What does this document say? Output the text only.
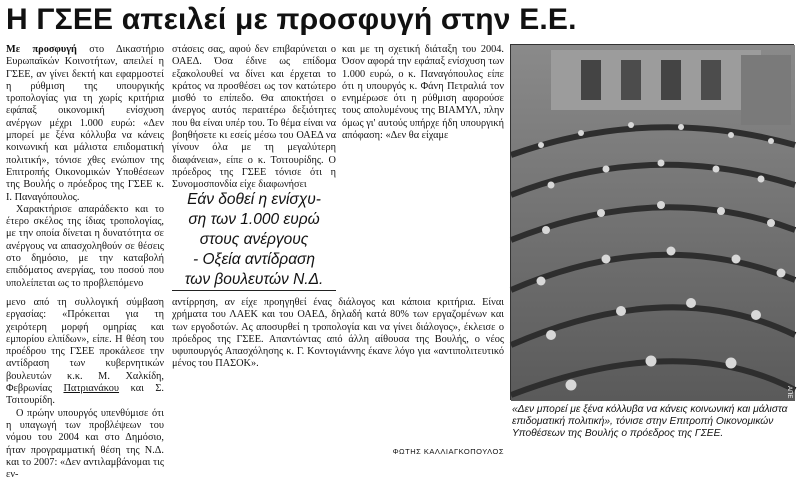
Η ΓΣΕΕ απειλεί με προσφυγή στην Ε.Ε.

Με προσφυγή στο Δικαστήριο Ευρωπαϊκών Κοινοτήτων, απειλεί η ΓΣΕΕ, αν γίνει δεκτή και εφαρμοστεί η ρύθμιση της υπουργικής τροπολογίας για τη χωρίς κριτήρια εφάπαξ οικονομική ενίσχυση ανέργων μέχρι 1.000 ευρώ: «Δεν μπορεί με ξένα κόλλυβα να κάνεις κοινωνική και μάλιστα επιδοματική πολιτική», τόνισε χθες ενώπιον της Επιτροπής Οικονομικών Υποθέσεων της Βουλής ο πρόεδρος της ΓΣΕΕ κ. Ι. Παναγόπουλος.

Χαρακτήρισε απαράδεκτο και το έτερο σκέλος της ίδιας τροπολογίας, με την οποία δίνεται η δυνατότητα σε ανέργους να απασχοληθούν σε θέσεις στο δημόσιο, με την καταβολή επιδόματος ανεργίας, του ποσού που υπολείπεται ως το προβλεπόμενο

Εάν δοθεί η ενίσχυ-
ση των 1.000 ευρώ
στους ανέργους
- Οξεία αντίδραση
των βουλευτών Ν.Δ.

στάσεις σας, αφού δεν επιβαρύνεται ο ΟΑΕΔ. Όσα έδινε ως επίδομα εξακολουθεί να δίνει και έρχεται το κράτος να προσθέσει ως τον κατώτερο μισθό το επίπεδο. Θα αποκτήσει ο άνεργος αυτός περαιτέρω δεξιότητες που θα είναι υπέρ του. Το θέμα είναι να βοηθήσετε κι εσείς μέσω του ΟΑΕΔ να γίνουν όλα με τη μεγαλύτερη διαφάνεια», είπε ο κ. Τσιτουρίδης. Ο πρόεδρος της ΓΣΕΕ τόνισε ότι η Συνομοσπονδία είχε διαφωνήσει

και με τη σχετική διάταξη του 2004. Όσον αφορά την εφάπαξ ενίσχυση των 1.000 ευρώ, ο κ. Παναγόπουλος είπε ότι η υπουργός κ. Φάνη Πετραλιά τον ενημέρωσε ότι η ρύθμιση αφορούσε τους απολυμένους της ΒΙΑΜΥΛ, πλην όμως γι' αυτούς υπήρχε ήδη υπουργική απόφαση: «Δεν θα είχαμε

μενο από τη συλλογική σύμβαση εργασίας: «Πρόκειται για τη χειρότερη μορφή ομηρίας και εμπορίου ελπίδων», είπε. Η θέση του προέδρου της ΓΣΕΕ προκάλεσε την αντίδραση των κυβερνητικών βουλευτών κ.κ. Μ. Χαλκίδη, Φεβρωνίας Πατριανάκου και Σ. Τσιτουρίδη.

Ο πρώην υπουργός υπενθύμισε ότι η υπαγωγή των προβλέψεων του νόμου του 2004 και στο Δημόσιο, ήταν προγραμματική θέση της Ν.Δ. και το 2007: «Δεν αντιλαμβάνομαι τις εν-

αντίρρηση, αν είχε προηγηθεί ένας διάλογος και κάποια κριτήρια. Είναι χρήματα του ΛΑΕΚ και του ΟΑΕΔ, δηλαδή κατά 80% των εργαζομένων και των εργοδοτών. Ας αποσυρθεί η τροπολογία και να γίνει διάλογος», έκλεισε ο πρόεδρος της ΓΣΕΕ. Απαντώντας από άλλη αίθουσα της Βουλής, ο νέος υφυπουργός Απασχόλησης κ. Γ. Κοντογιάννης έκανε λόγο για «αντιπολιτευτικό μένος του ΠΑΣΟΚ».

ΑΠΕ
«Δεν μπορεί με ξένα κόλλυβα να κάνεις κοινωνική και μάλιστα επιδοματική πολιτική», τόνισε στην Επιτροπή Οικονομικών Υποθέσεων της Βουλής ο πρόεδρος της ΓΣΕΕ.
ΦΩΤΗΣ ΚΑΛΛΙΑΓΚΟΠΟΥΛΟΣ
